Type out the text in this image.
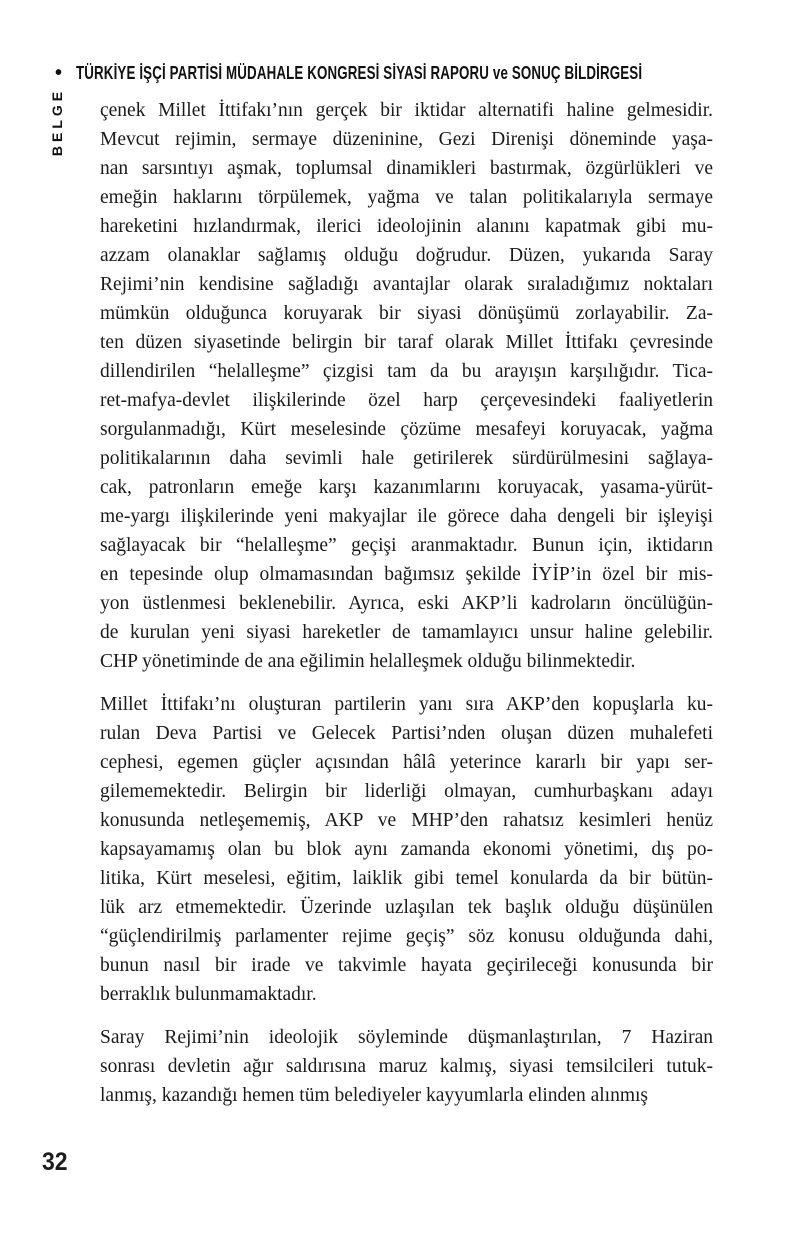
• TÜRKİYE İŞÇİ PARTİSİ MÜDAHALE KONGRESİ SİYASİ RAPORU ve SONUÇ BİLDİRGESİ
BELGE çenek Millet İttifakı’nın gerçek bir iktidar alternatifi haline gelmesidir.
Mevcut rejimin, sermaye düzeninine, Gezi Direnişi döneminde yaşa-
nan sarsıntıyı aşmak, toplumsal dinamikleri bastırmak, özgürlükleri ve
emeğin haklarını törpülemek, yağma ve talan politikalarıyla sermaye
hareketini hızlandırmak, ilerici ideolojinin alanını kapatmak gibi mu-
azzam olanaklar sağlamış olduğu doğrudur. Düzen, yukarıda Saray
Rejimi’nin kendisine sağladığı avantajlar olarak sıraladığımız noktaları
mümkün olduğunca koruyarak bir siyasi dönüşümü zorlayabilir. Za-
ten düzen siyasetinde belirgin bir taraf olarak Millet İttifakı çevresinde
dillendirilen “helalleşme” çizgisi tam da bu arayışın karşılığıdır. Tica-
ret-mafya-devlet ilişkilerinde özel harp çerçevesindeki faaliyetlerin
sorgulanmadığı, Kürt meselesinde çözüme mesafeyi koruyacak, yağma
politikalarının daha sevimli hale getirilerek sürdürülmesini sağlaya-
cak, patronların emeğe karşı kazanımlarını koruyacak, yasama-yürüt-
me-yargı ilişkilerinde yeni makyajlar ile görece daha dengeli bir işleyişi
sağlayacak bir “helalleşme” geçişi aranmaktadır. Bunun için, iktidarın
en tepesinde olup olmamasından bağımsız şekilde İYİP’in özel bir mis-
yon üstlenmesi beklenebilir. Ayrıca, eski AKP’li kadroların öncülüğün-
de kurulan yeni siyasi hareketler de tamamlayıcı unsur haline gelebilir.
CHP yönetiminde de ana eğilimin helalleşmek olduğu bilinmektedir.
Millet İttifakı’nı oluşturan partilerin yanı sıra AKP’den kopuşlarla ku-
rulan Deva Partisi ve Gelecek Partisi’nden oluşan düzen muhalefeti
cephesi, egemen güçler açısından hâlâ yeterince kararlı bir yapı ser-
gilememektedir. Belirgin bir liderliği olmayan, cumhurbaşkanı adayı
konusunda netleşememiş, AKP ve MHP’den rahatsız kesimleri henüz
kapsayamamış olan bu blok aynı zamanda ekonomi yönetimi, dış po-
litika, Kürt meselesi, eğitim, laiklik gibi temel konularda da bir bütün-
lük arz etmemektedir. Üzerinde uzlaşılan tek başlık olduğu düşünülen
“güçlendirilmiş parlamenter rejime geçiş” söz konusu olduğunda dahi,
bunun nasıl bir irade ve takvimle hayata geçirileceği konusunda bir
berraklık bulunmamaktadır.
Saray Rejimi’nin ideolojik söyleminde düşmanlaştırılan, 7 Haziran
sonrası devletin ağır saldırısına maruz kalmış, siyasi temsilcileri tutuk-
lanmış, kazandığı hemen tüm belediyeler kayyumlarla elinden alınmış
32
